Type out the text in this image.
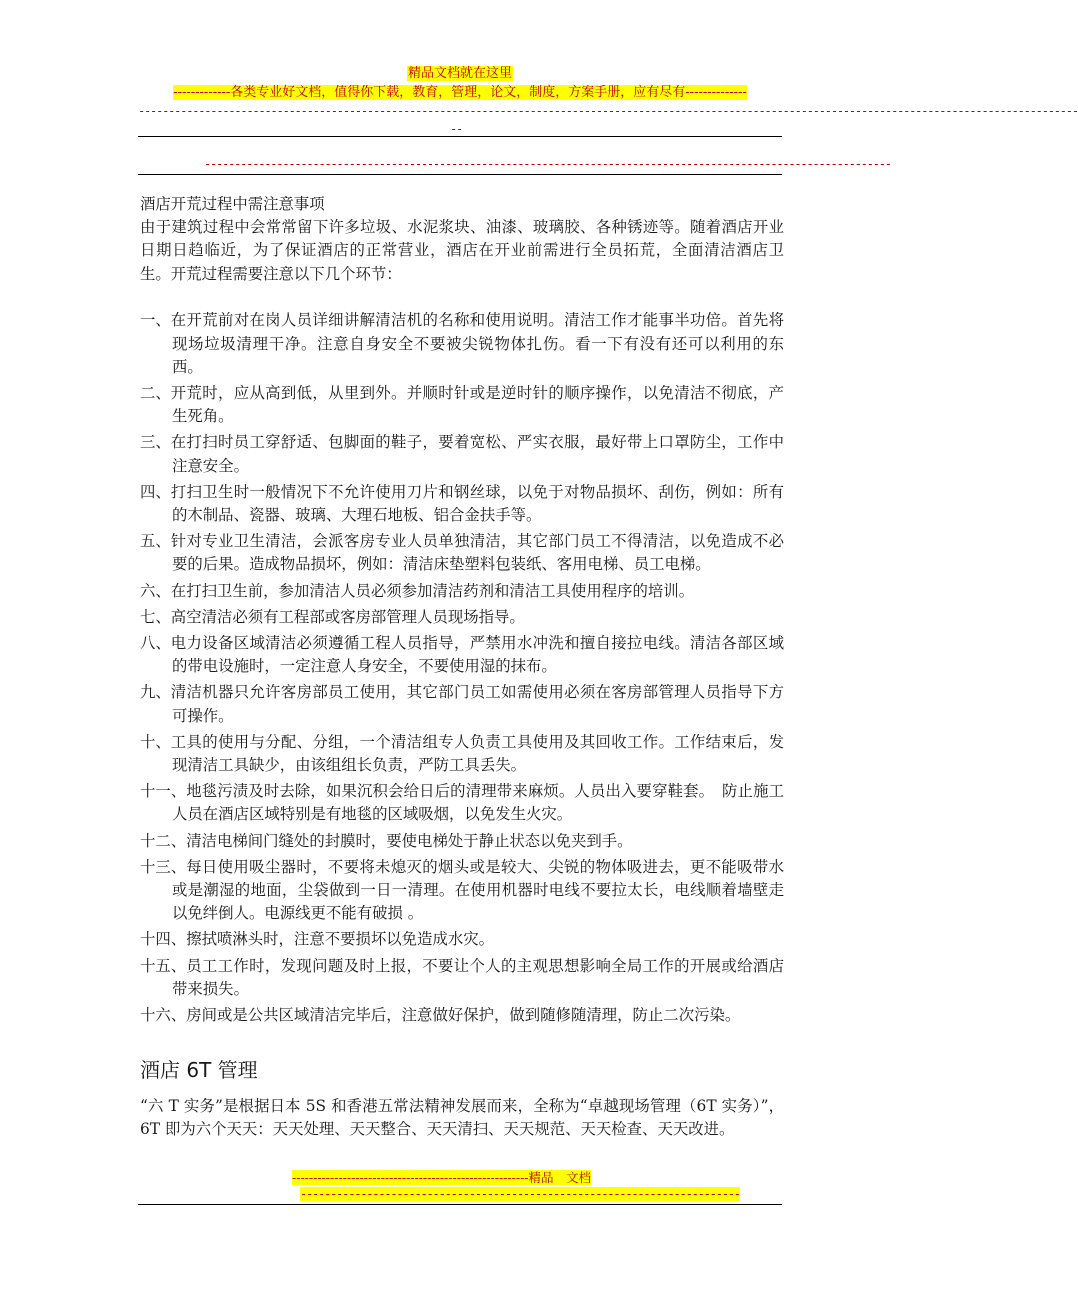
精品文档就在这里
-------------各类专业好文档，值得你下载，教育，管理，论文，制度，方案手册，应有尽有--------------
------------------------------------------------------------------------------------------------------------------------------------------------------------
--
------------------------------------------------------------------------------------------------------------------

酒店开荒过程中需注意事项

由于建筑过程中会常常留下许多垃圾、水泥浆块、油漆、玻璃胶、各种锈迹等。随着酒店开业日期日趋临近，为了保证酒店的正常营业，酒店在开业前需进行全员拓荒，全面清洁酒店卫生。开荒过程需要注意以下几个环节：

一、 在开荒前对在岗人员详细讲解清洁机的名称和使用说明。清洁工作才能事半功倍。首先将现场垃圾清理干净。注意自身安全不要被尖锐物体扎伤。看一下有没有还可以利用的东西。
二、 开荒时，应从高到低，从里到外。并顺时针或是逆时针的顺序操作，以免清洁不彻底，产生死角。
三、 在打扫时员工穿舒适、包脚面的鞋子，要着宽松、严实衣服，最好带上口罩防尘，工作中注意安全。
四、 打扫卫生时一般情况下不允许使用刀片和钢丝球，以免于对物品损坏、刮伤，例如：所有的木制品、瓷器、玻璃、大理石地板、铝合金扶手等。
五、 针对专业卫生清洁，会派客房专业人员单独清洁，其它部门员工不得清洁，以免造成不必要的后果。造成物品损坏，例如：清洁床垫塑料包装纸、客用电梯、员工电梯。
六、 在打扫卫生前，参加清洁人员必须参加清洁药剂和清洁工具使用程序的培训。
七、 高空清洁必须有工程部或客房部管理人员现场指导。
八、 电力设备区域清洁必须遵循工程人员指导，严禁用水冲洗和擅自接拉电线。清洁各部区域的带电设施时，一定注意人身安全，不要使用湿的抹布。
九、 清洁机器只允许客房部员工使用，其它部门员工如需使用必须在客房部管理人员指导下方可操作。
十、 工具的使用与分配、分组，一个清洁组专人负责工具使用及其回收工作。工作结束后，发现清洁工具缺少，由该组组长负责，严防工具丢失。
十一、 地毯污渍及时去除，如果沉积会给日后的清理带来麻烦。人员出入要穿鞋套。　防止施工人员在酒店区域特别是有地毯的区域吸烟，以免发生火灾。
十二、 清洁电梯间门缝处的封膜时，要使电梯处于静止状态以免夹到手。
十三、 每日使用吸尘器时，不要将未熄灭的烟头或是较大、尖锐的物体吸进去，更不能吸带水或是潮湿的地面，尘袋做到一日一清理。在使用机器时电线不要拉太长，电线顺着墙壁走以免绊倒人。电源线更不能有破损 。
十四、 擦拭喷淋头时，注意不要损坏以免造成水灾。
十五、 员工工作时，发现问题及时上报，不要让个人的主观思想影响全局工作的开展或给酒店带来损失。
十六、 房间或是公共区域清洁完毕后，注意做好保护，做到随修随清理，防止二次污染。
酒店 6T 管理

“六 T 实务”是根据日本 5S 和香港五常法精神发展而来，全称为“卓越现场管理（6T 实务）”，6T 即为六个天天：天天处理、天天整合、天天清扫、天天规范、天天检查、天天改进。

--------------------------------------------------------精品　文档
-------------------------------------------------------------------------
